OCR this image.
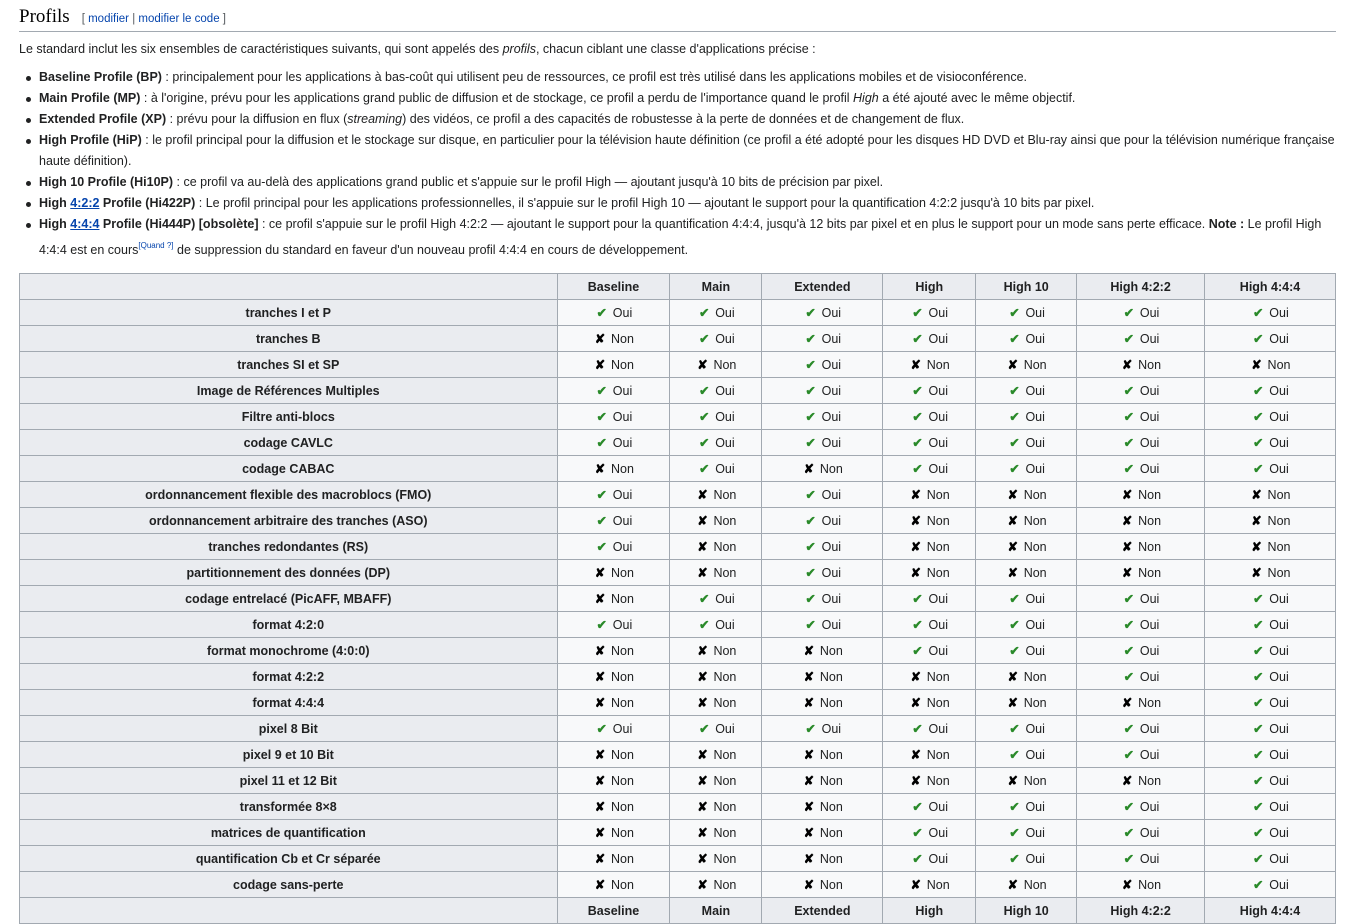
Profils [ modifier | modifier le code ]

Le standard inclut les six ensembles de caractéristiques suivants, qui sont appelés des profils, chacun ciblant une classe d'applications précise :

Baseline Profile (BP) : principalement pour les applications à bas-coût qui utilisent peu de ressources, ce profil est très utilisé dans les applications mobiles et de visioconférence.
Main Profile (MP) : à l'origine, prévu pour les applications grand public de diffusion et de stockage, ce profil a perdu de l'importance quand le profil High a été ajouté avec le même objectif.
Extended Profile (XP) : prévu pour la diffusion en flux (streaming) des vidéos, ce profil a des capacités de robustesse à la perte de données et de changement de flux.
High Profile (HiP) : le profil principal pour la diffusion et le stockage sur disque, en particulier pour la télévision haute définition (ce profil a été adopté pour les disques HD DVD et Blu-ray ainsi que pour la télévision numérique française haute définition).
High 10 Profile (Hi10P) : ce profil va au-delà des applications grand public et s'appuie sur le profil High — ajoutant jusqu'à 10 bits de précision par pixel.
High 4:2:2 Profile (Hi422P) : Le profil principal pour les applications professionnelles, il s'appuie sur le profil High 10 — ajoutant le support pour la quantification 4:2:2 jusqu'à 10 bits par pixel.
High 4:4:4 Profile (Hi444P) [obsolète] : ce profil s'appuie sur le profil High 4:2:2 — ajoutant le support pour la quantification 4:4:4, jusqu'à 12 bits par pixel et en plus le support pour un mode sans perte efficace. Note : Le profil High 4:4:4 est en cours[Quand ?] de suppression du standard en faveur d'un nouveau profil 4:4:4 en cours de développement.
	Baseline	Main	Extended	High	High 10	High 4:2:2	High 4:4:4
tranches I et P	✔ Oui	✔ Oui	✔ Oui	✔ Oui	✔ Oui	✔ Oui	✔ Oui
tranches B	✘ Non	✔ Oui	✔ Oui	✔ Oui	✔ Oui	✔ Oui	✔ Oui
tranches SI et SP	✘ Non	✘ Non	✔ Oui	✘ Non	✘ Non	✘ Non	✘ Non
Image de Références Multiples	✔ Oui	✔ Oui	✔ Oui	✔ Oui	✔ Oui	✔ Oui	✔ Oui
Filtre anti-blocs	✔ Oui	✔ Oui	✔ Oui	✔ Oui	✔ Oui	✔ Oui	✔ Oui
codage CAVLC	✔ Oui	✔ Oui	✔ Oui	✔ Oui	✔ Oui	✔ Oui	✔ Oui
codage CABAC	✘ Non	✔ Oui	✘ Non	✔ Oui	✔ Oui	✔ Oui	✔ Oui
ordonnancement flexible des macroblocs (FMO)	✔ Oui	✘ Non	✔ Oui	✘ Non	✘ Non	✘ Non	✘ Non
ordonnancement arbitraire des tranches (ASO)	✔ Oui	✘ Non	✔ Oui	✘ Non	✘ Non	✘ Non	✘ Non
tranches redondantes (RS)	✔ Oui	✘ Non	✔ Oui	✘ Non	✘ Non	✘ Non	✘ Non
partitionnement des données (DP)	✘ Non	✘ Non	✔ Oui	✘ Non	✘ Non	✘ Non	✘ Non
codage entrelacé (PicAFF, MBAFF)	✘ Non	✔ Oui	✔ Oui	✔ Oui	✔ Oui	✔ Oui	✔ Oui
format 4:2:0	✔ Oui	✔ Oui	✔ Oui	✔ Oui	✔ Oui	✔ Oui	✔ Oui
format monochrome (4:0:0)	✘ Non	✘ Non	✘ Non	✔ Oui	✔ Oui	✔ Oui	✔ Oui
format 4:2:2	✘ Non	✘ Non	✘ Non	✘ Non	✘ Non	✔ Oui	✔ Oui
format 4:4:4	✘ Non	✘ Non	✘ Non	✘ Non	✘ Non	✘ Non	✔ Oui
pixel 8 Bit	✔ Oui	✔ Oui	✔ Oui	✔ Oui	✔ Oui	✔ Oui	✔ Oui
pixel 9 et 10 Bit	✘ Non	✘ Non	✘ Non	✘ Non	✔ Oui	✔ Oui	✔ Oui
pixel 11 et 12 Bit	✘ Non	✘ Non	✘ Non	✘ Non	✘ Non	✘ Non	✔ Oui
transformée 8×8	✘ Non	✘ Non	✘ Non	✔ Oui	✔ Oui	✔ Oui	✔ Oui
matrices de quantification	✘ Non	✘ Non	✘ Non	✔ Oui	✔ Oui	✔ Oui	✔ Oui
quantification Cb et Cr séparée	✘ Non	✘ Non	✘ Non	✔ Oui	✔ Oui	✔ Oui	✔ Oui
codage sans-perte	✘ Non	✘ Non	✘ Non	✘ Non	✘ Non	✘ Non	✔ Oui
	Baseline	Main	Extended	High	High 10	High 4:2:2	High 4:4:4
